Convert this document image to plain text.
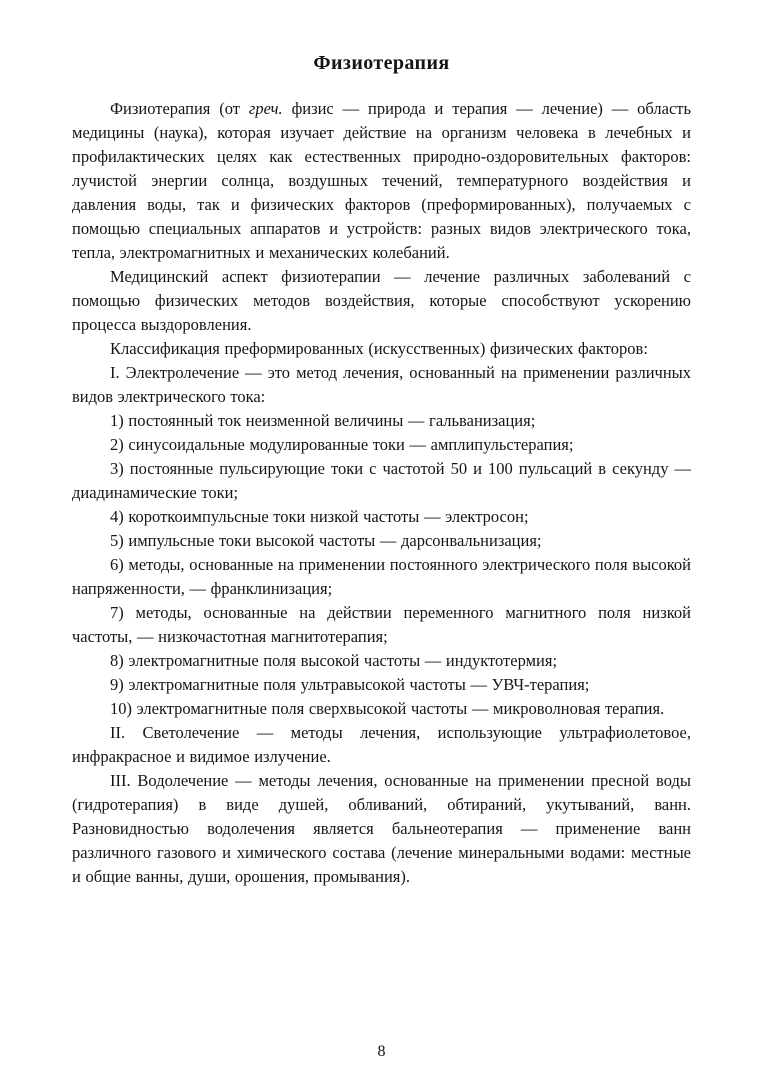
Физиотерапия

Физиотерапия (от греч. физис — природа и терапия — лечение) — область медицины (наука), которая изучает действие на организм человека в лечебных и профилактических целях как естественных природно-оздоровительных факторов: лучистой энергии солнца, воздушных течений, температурного воздействия и давления воды, так и физических факторов (преформированных), получаемых с помощью специальных аппаратов и устройств: разных видов электрического тока, тепла, электромагнитных и механических колебаний.

Медицинский аспект физиотерапии — лечение различных заболеваний с помощью физических методов воздействия, которые способствуют ускорению процесса выздоровления.

Классификация преформированных (искусственных) физических факторов:

I. Электролечение — это метод лечения, основанный на применении различных видов электрического тока:

1) постоянный ток неизменной величины — гальванизация;

2) синусоидальные модулированные токи — амплипульстерапия;

3) постоянные пульсирующие токи с частотой 50 и 100 пульсаций в секунду — диадинамические токи;

4) короткоимпульсные токи низкой частоты — электросон;

5) импульсные токи высокой частоты — дарсонвальнизация;

6) методы, основанные на применении постоянного электрического поля высокой напряженности, — франклинизация;

7) методы, основанные на действии переменного магнитного поля низкой частоты, — низкочастотная магнитотерапия;

8) электромагнитные поля высокой частоты — индуктотермия;

9) электромагнитные поля ультравысокой частоты — УВЧ-терапия;

10) электромагнитные поля сверхвысокой частоты — микроволновая терапия.

II. Светолечение — методы лечения, использующие ультрафиолетовое, инфракрасное и видимое излучение.

III. Водолечение — методы лечения, основанные на применении пресной воды (гидротерапия) в виде душей, обливаний, обтираний, укутываний, ванн. Разновидностью водолечения является бальнеотерапия — применение ванн различного газового и химического состава (лечение минеральными водами: местные и общие ванны, души, орошения, промывания).

8
